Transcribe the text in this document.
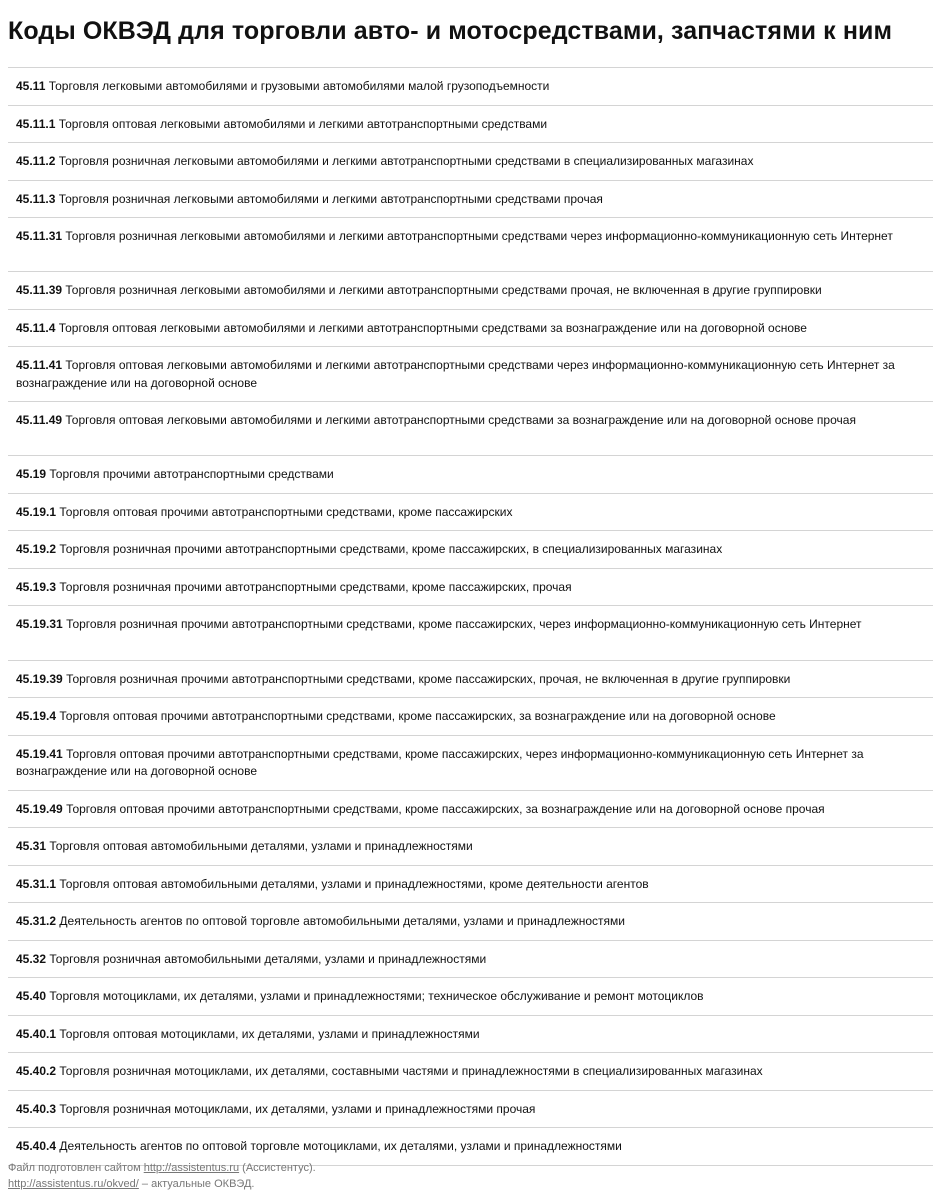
Коды ОКВЭД для торговли авто- и мотосредствами, запчастями к ним
45.11 Торговля легковыми автомобилями и грузовыми автомобилями малой грузоподъемности
45.11.1 Торговля оптовая легковыми автомобилями и легкими автотранспортными средствами
45.11.2 Торговля розничная легковыми автомобилями и легкими автотранспортными средствами в специализированных магазинах
45.11.3 Торговля розничная легковыми автомобилями и легкими автотранспортными средствами прочая
45.11.31 Торговля розничная легковыми автомобилями и легкими автотранспортными средствами через информационно-коммуникационную сеть Интернет
45.11.39 Торговля розничная легковыми автомобилями и легкими автотранспортными средствами прочая, не включенная в другие группировки
45.11.4 Торговля оптовая легковыми автомобилями и легкими автотранспортными средствами за вознаграждение или на договорной основе
45.11.41 Торговля оптовая легковыми автомобилями и легкими автотранспортными средствами через информационно-коммуникационную сеть Интернет за вознаграждение или на договорной основе
45.11.49 Торговля оптовая легковыми автомобилями и легкими автотранспортными средствами за вознаграждение или на договорной основе прочая
45.19 Торговля прочими автотранспортными средствами
45.19.1 Торговля оптовая прочими автотранспортными средствами, кроме пассажирских
45.19.2 Торговля розничная прочими автотранспортными средствами, кроме пассажирских, в специализированных магазинах
45.19.3 Торговля розничная прочими автотранспортными средствами, кроме пассажирских, прочая
45.19.31 Торговля розничная прочими автотранспортными средствами, кроме пассажирских, через информационно-коммуникационную сеть Интернет
45.19.39 Торговля розничная прочими автотранспортными средствами, кроме пассажирских, прочая, не включенная в другие группировки
45.19.4 Торговля оптовая прочими автотранспортными средствами, кроме пассажирских, за вознаграждение или на договорной основе
45.19.41 Торговля оптовая прочими автотранспортными средствами, кроме пассажирских, через информационно-коммуникационную сеть Интернет за вознаграждение или на договорной основе
45.19.49 Торговля оптовая прочими автотранспортными средствами, кроме пассажирских, за вознаграждение или на договорной основе прочая
45.31 Торговля оптовая автомобильными деталями, узлами и принадлежностями
45.31.1 Торговля оптовая автомобильными деталями, узлами и принадлежностями, кроме деятельности агентов
45.31.2 Деятельность агентов по оптовой торговле автомобильными деталями, узлами и принадлежностями
45.32 Торговля розничная автомобильными деталями, узлами и принадлежностями
45.40 Торговля мотоциклами, их деталями, узлами и принадлежностями; техническое обслуживание и ремонт мотоциклов
45.40.1 Торговля оптовая мотоциклами, их деталями, узлами и принадлежностями
45.40.2 Торговля розничная мотоциклами, их деталями, составными частями и принадлежностями в специализированных магазинах
45.40.3 Торговля розничная мотоциклами, их деталями, узлами и принадлежностями прочая
45.40.4 Деятельность агентов по оптовой торговле мотоциклами, их деталями, узлами и принадлежностями
Файл подготовлен сайтом http://assistentus.ru (Ассистентус).
http://assistentus.ru/okved/ – актуальные ОКВЭД.
